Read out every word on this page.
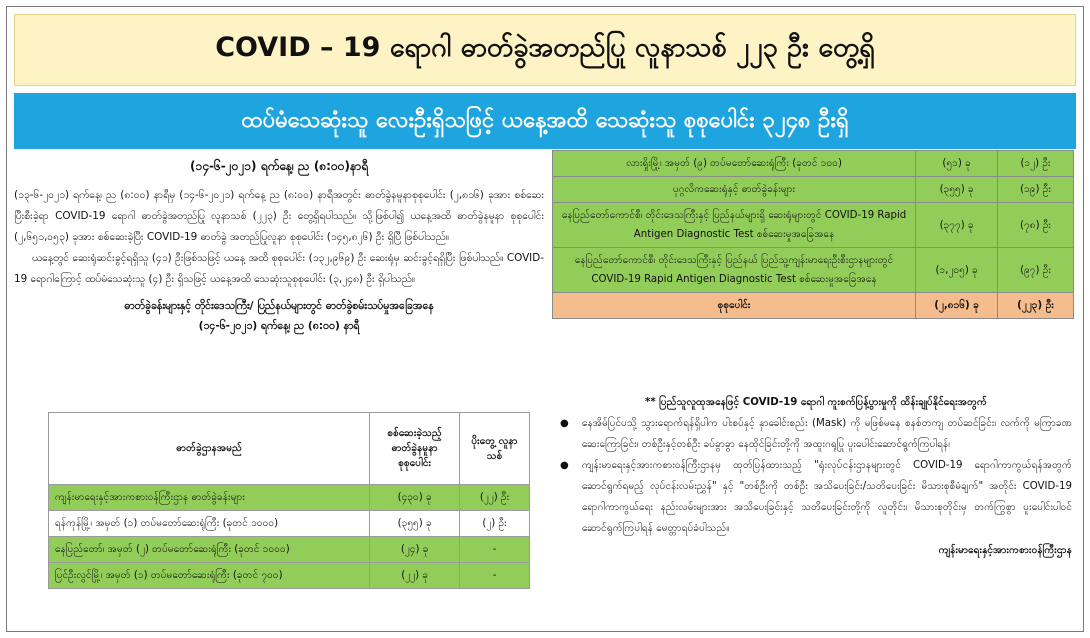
COVID – 19 ရောဂါ ဓာတ်ခွဲအတည်ပြု လူနာသစ် ၂၂၃ ဦး တွေ့ရှိ
ထပ်မံသေဆုံးသူ လေးဦးရှိသဖြင့် ယနေ့အထိ သေဆုံးသူ စုစုပေါင်း ၃၂၄၈ ဦးရှိ
(၁၄-၆-၂၀၂၁) ရက်နေ့၊ ည (၈:၀၀)နာရီ

(၁၃-၆-၂၀၂၁) ရက်နေ့၊ ည (၈:၀၀) နာရီမှ (၁၄-၆-၂၀၂၁) ရက်နေ့ ည (၈:၀၀) နာရီအတွင်း ဓာတ်ခွဲနမူနာစုစုပေါင်း (၂,၈၁၆) ခုအား စစ်ဆေးပြီးစီးခဲ့ရာ COVID-19 ရောဂါ ဓာတ်ခွဲအတည်ပြု လူနာသစ် (၂၂၃) ဦး တွေ့ရှိရပါသည်။ သို့ဖြစ်ပါ၍ ယနေ့အထိ ဓာတ်ခွဲနမူနာ စုစုပေါင်း (၂,၆၅၁,၀၅၃) ခုအား စစ်ဆေးခဲ့ပြီး COVID-19 ဓာတ်ခွဲ အတည်ပြုလူနာ စုစုပေါင်း (၁၄၅,၈၂၆) ဦး ရှိပြီ ဖြစ်ပါသည်။

ယနေ့တွင် ဆေးရုံဆင်းခွင့်ရရှိသူ (၄၁) ဦးဖြစ်သဖြင့် ယနေ့ အထိ စုစုပေါင်း (၁၃၂,၉၆၉) ဦး ဆေးရုံမှ ဆင်းခွင့်ရရှိပြီး ဖြစ်ပါသည်။ COVID-19 ရောဂါကြောင့် ထပ်မံသေဆုံးသူ (၄) ဦး ရှိသဖြင့် ယနေ့အထိ သေဆုံးသူစုစုပေါင်း (၃,၂၄၈) ဦး ရှိပါသည်။

ဓာတ်ခွဲခန်းများနှင့် တိုင်းဒေသကြီး/ ပြည်နယ်များတွင် ဓာတ်ခွဲစမ်းသပ်မှုအခြေအနေ
(၁၄-၆-၂၀၂၁) ရက်နေ့၊ ည (၈:၀၀) နာရီ
ဓာတ်ခွဲဌာနအမည်	စစ်ဆေးခဲ့သည့် ဓာတ်ခွဲနမူနာ စုစုပေါင်း	ပိုးတွေ့ လူနာသစ်
ကျန်းမာရေးနှင့်အားကစားဝန်ကြီးဌာန ဓာတ်ခွဲခန်းများ	(၄၃၀) ခု	(၂၂) ဦး
ရန်ကုန်မြို့၊ အမှတ် (၁) တပ်မတော်ဆေးရုံကြီး (ခုတင် ၁၀၀၀)	(၃၅၅) ခု	(၂) ဦး
နေပြည်တော်၊ အမှတ် (၂) တပ်မတော်ဆေးရုံကြီး (ခုတင် ၁၀၀၀)	(၂၄) ခု	-
ပြင်ဦးလွင်မြို့၊ အမှတ် (၁) တပ်မတော်ဆေးရုံကြီး (ခုတင် ၇၀၀)	(၂၂) ခု	-
လားရှိုးမြို့၊ အမှတ် (၉) တပ်မတော်ဆေးရုံကြီး (ခုတင် ၁၀၀)	(၅၁) ခု	(၁၂) ဦး
ပုဂ္ဂလိကဆေးရုံနှင့် ဓာတ်ခွဲခန်းများ	(၃၅၅) ခု	(၁၉) ဦး
နေပြည်တော်ကောင်စီ၊ တိုင်းဒေသကြီးနှင့် ပြည်နယ်များရှိ ဆေးရုံများတွင် COVID-19 Rapid Antigen Diagnostic Test စစ်ဆေးမှုအခြေအနေ	(၃၇၇) ခု	(၇၈) ဦး
နေပြည်တော်ကောင်စီ၊ တိုင်းဒေသကြီးနှင့် ပြည်နယ် ပြည်သူ့ကျန်းမာရေးဦးစီးဌာနများတွင် COVID-19 Rapid Antigen Diagnostic Test စစ်ဆေးမှုအခြေအနေ	(၁,၂၀၅) ခု	(၉၇) ဦး
စုစုပေါင်း	(၂,၈၁၆) ခု	(၂၂၃) ဦး
** ပြည်သူလူထုအနေဖြင့် COVID-19 ရောဂါ ကူးစက်ပြန့်ပွားမှုကို ထိန်းချုပ်နိုင်ရေးအတွက်
●	နေအိမ်ပြင်ပသို့ သွားရောက်ရန်ရှိပါက ပါးစပ်နှင့် နှာခေါင်းစည်း (Mask) ကို မဖြစ်မနေ စနစ်တကျ တပ်ဆင်ခြင်း၊ လက်ကို မကြာခဏဆေးကြောခြင်း၊ တစ်ဦးနှင့်တစ်ဦး ခပ်ခွာခွာ နေထိုင်ခြင်းတို့ကို အထူးဂရုပြု ပူးပေါင်းဆောင်ရွက်ကြပါရန်၊
●	ကျန်းမာရေးနှင့်အားကစားဝန်ကြီးဌာနမှ ထုတ်ပြန်ထားသည့် "ရုံးလုပ်ငန်းဌာနများတွင် COVID-19 ရောဂါကာကွယ်ရန်အတွက် ဆောင်ရွက်ရမည့် လုပ်ငန်းလမ်းညွှန်" နှင့် "တစ်ဦးကို တစ်ဦး အသိပေးခြင်း/သတိပေးခြင်း မိသားစုစီမံချက်" အတိုင်း COVID-19 ရောဂါကာကွယ်ရေး နည်းလမ်းများအား အသိပေးခြင်းနှင့် သတိပေးခြင်းတို့ကို လူတိုင်း၊ မိသားစုတိုင်းမှ တက်ကြွစွာ ပူးပေါင်းပါဝင် ဆောင်ရွက်ကြပါရန် မေတ္တာရပ်ခံပါသည်။
ကျန်းမာရေးနှင့်အားကစားဝန်ကြီးဌာန
